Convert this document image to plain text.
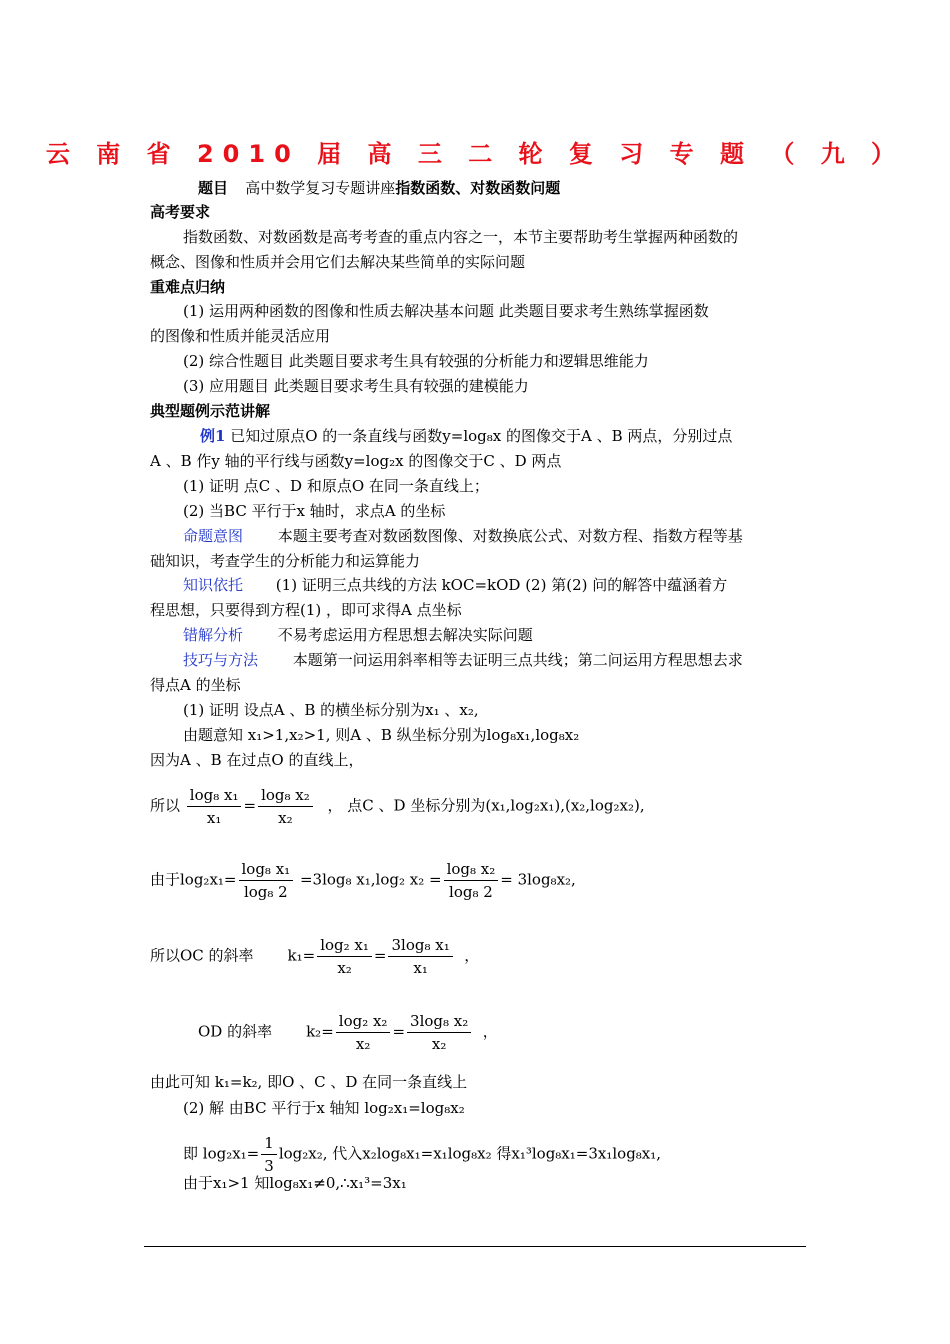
云 南 省 2010 届 高 三 二 轮 复 习 专 题 （ 九 ）
题目 高中数学复习专题讲座指数函数、对数函数问题
高考要求
指数函数、对数函数是高考考查的重点内容之一，本节主要帮助考生掌握两种函数的
概念、图像和性质并会用它们去解决某些简单的实际问题
重难点归纳
(1) 运用两种函数的图像和性质去解决基本问题 此类题目要求考生熟练掌握函数
的图像和性质并能灵活应用
(2) 综合性题目 此类题目要求考生具有较强的分析能力和逻辑思维能力
(3) 应用题目 此类题目要求考生具有较强的建模能力
典型题例示范讲解
例1 已知过原点O 的一条直线与函数y=log₈x 的图像交于A 、B 两点，分别过点
A 、B 作y 轴的平行线与函数y=log₂x 的图像交于C 、D 两点
(1) 证明 点C 、D 和原点O 在同一条直线上；
(2) 当BC 平行于x 轴时，求点A 的坐标
命题意图 本题主要考查对数函数图像、对数换底公式、对数方程、指数方程等基
础知识，考查学生的分析能力和运算能力
知识依托 (1) 证明三点共线的方法 kOC=kOD (2) 第(2) 问的解答中蕴涵着方
程思想，只要得到方程(1) ，即可求得A 点坐标
错解分析 不易考虑运用方程思想去解决实际问题
技巧与方法 本题第一问运用斜率相等去证明三点共线；第二问运用方程思想去求
得点A 的坐标
(1) 证明 设点A 、B 的横坐标分别为x₁ 、x₂,
由题意知 x₁>1,x₂>1, 则A 、B 纵坐标分别为log₈x₁,log₈x₂
因为A 、B 在过点O 的直线上，
所以 $\frac{\text{log₈ x₁}}{\text{x₁}} = \frac{\text{log₈ x₂}}{\text{x₂}}$ ， 点C 、D 坐标分别为(x₁,log₂x₁),(x₂,log₂x₂),
由于$\log_2x_1= \frac{\text{log₈ x₁}}{\text{log₈ 2}} =3\log_8$ x₁,log₂ $x_2 = \frac{\text{log₈ x₂}}{\text{log₈ 2}} = 3\log_8x_2$,
所以OC 的斜率 $k_1= \frac{\text{log₂ x₁}}{\text{x₂}} = \frac{\text{3log₈ x₁}}{\text{x₁}}$ ，
OD 的斜率 $k_2= \frac{\text{log₂ x₂}}{\text{x₂}} = \frac{\text{3log₈ x₂}}{\text{x₂}}$ ，
由此可知 k₁=k₂, 即O 、C 、D 在同一条直线上
(2) 解 由BC 平行于x 轴知 log₂x₁=log₈x₂
即 $\log_2x_1= \frac{1}{3} \log_2x_2$, 代入x₂log₈x₁=x₁log₈x₂ 得x₁³log₈x₁=3x₁log₈x₁,
由于x₁>1 知log₈x₁≠0,∴x₁³=3x₁
